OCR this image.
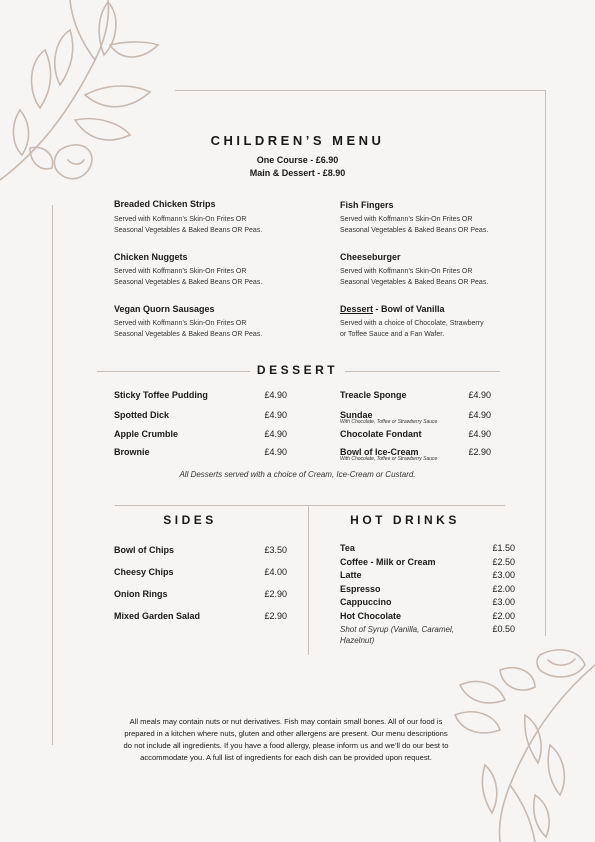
CHILDREN’S MENU
One Course - £6.90
Main & Dessert - £8.90
Breaded Chicken Strips
Served with Koffmann’s Skin-On Frites OR
Seasonal Vegetables & Baked Beans OR Peas.
Fish Fingers
Served with Koffmann’s Skin-On Frites OR
Seasonal Vegetables & Baked Beans OR Peas.
Chicken Nuggets
Served with Koffmann’s Skin-On Frites OR
Seasonal Vegetables & Baked Beans OR Peas.
Cheeseburger
Served with Koffmann’s Skin-On Frites OR
Seasonal Vegetables & Baked Beans OR Peas.
Vegan Quorn Sausages
Served with Koffmann’s Skin-On Frites OR
Seasonal Vegetables & Baked Beans OR Peas.
Dessert - Bowl of Vanilla
Served with a choice of Chocolate, Strawberry
or Toffee Sauce and a Fan Wafer.
DESSERT
Sticky Toffee Pudding	£4.90
Spotted Dick	£4.90
Apple Crumble	£4.90
Brownie	£4.90
Treacle Sponge	£4.90
Sundae	£4.90
With Chocolate, Toffee or Strawberry Sauce
Chocolate Fondant	£4.90
Bowl of Ice-Cream	£2.90
With Chocolate, Toffee or Strawberry Sauce
All Desserts served with a choice of Cream, Ice-Cream or Custard.
SIDES
Bowl of Chips	£3.50
Cheesy Chips	£4.00
Onion Rings	£2.90
Mixed Garden Salad	£2.90
HOT DRINKS
Tea	£1.50
Coffee - Milk or Cream	£2.50
Latte	£3.00
Espresso	£2.00
Cappuccino	£3.00
Hot Chocolate	£2.00
Shot of Syrup (Vanilla, Caramel,
Hazelnut)
£0.50
All meals may contain nuts or nut derivatives. Fish may contain small bones. All of our food is prepared in a kitchen where nuts, gluten and other allergens are present. Our menu descriptions do not include all ingredients. If you have a food allergy, please inform us and we’ll do our best to accommodate you. A full list of ingredients for each dish can be provided upon request.
